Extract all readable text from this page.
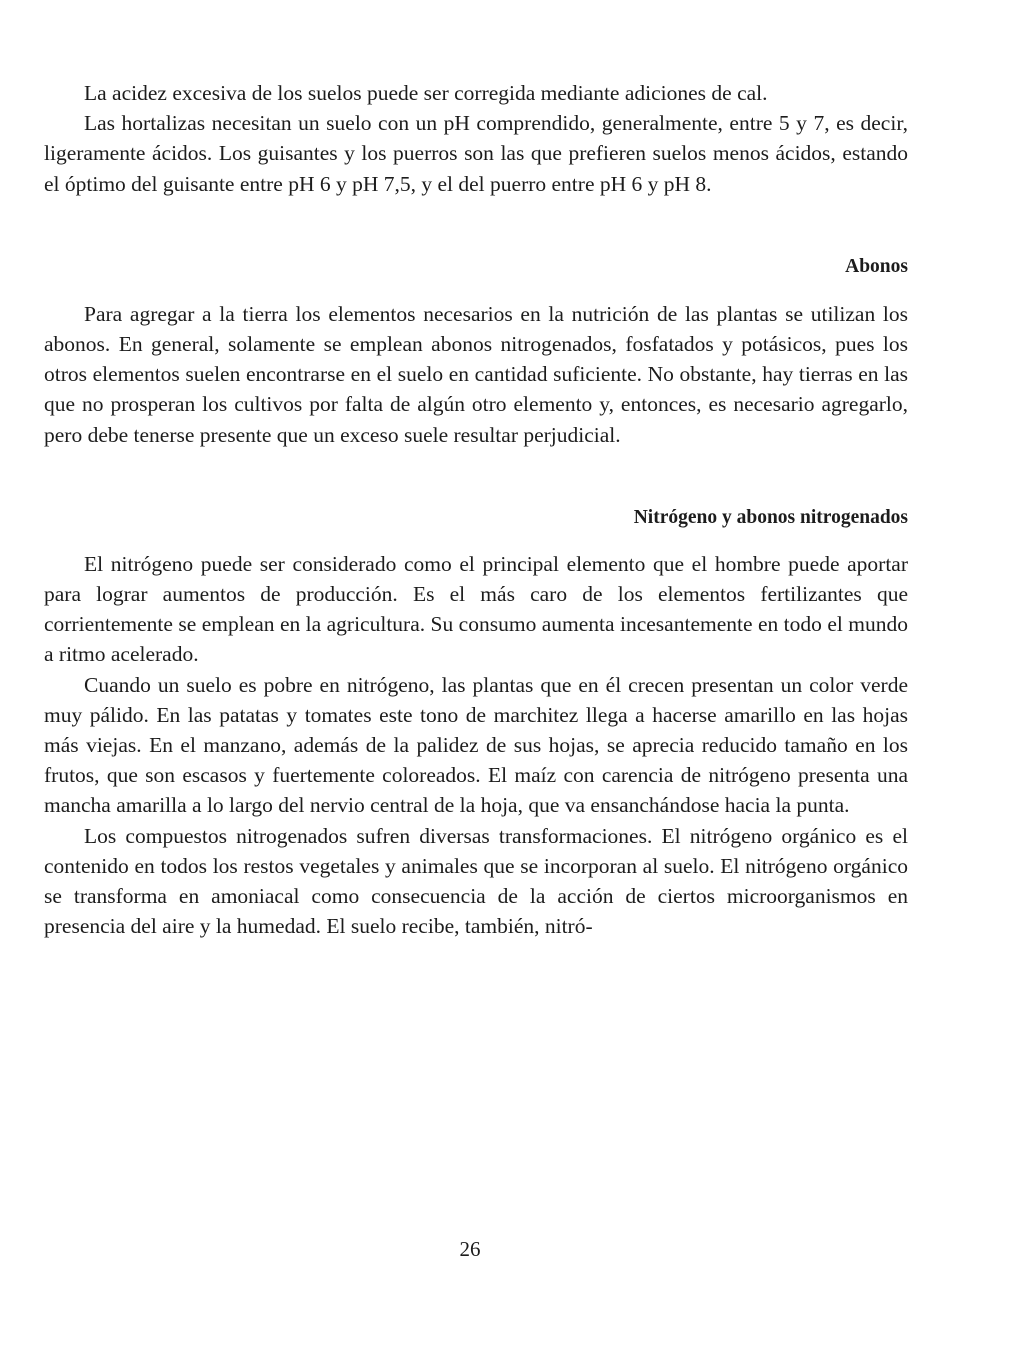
La acidez excesiva de los suelos puede ser corregida mediante adiciones de cal.

Las hortalizas necesitan un suelo con un pH comprendido, generalmente, entre 5 y 7, es decir, ligeramente ácidos. Los guisantes y los puerros son las que prefieren suelos menos ácidos, estando el óptimo del guisante entre pH 6 y pH 7,5, y el del puerro entre pH 6 y pH 8.

Abonos

Para agregar a la tierra los elementos necesarios en la nutrición de las plantas se utilizan los abonos. En general, solamente se emplean abonos nitrogenados, fosfatados y potásicos, pues los otros elementos suelen encontrarse en el suelo en cantidad suficiente. No obstante, hay tierras en las que no prosperan los cultivos por falta de algún otro elemento y, entonces, es necesario agregarlo, pero debe tenerse presente que un exceso suele resultar perjudicial.

Nitrógeno y abonos nitrogenados

El nitrógeno puede ser considerado como el principal elemento que el hombre puede aportar para lograr aumentos de producción. Es el más caro de los elementos fertilizantes que corrientemente se emplean en la agricultura. Su consumo aumenta incesantemente en todo el mundo a ritmo acelerado.

Cuando un suelo es pobre en nitrógeno, las plantas que en él crecen presentan un color verde muy pálido. En las patatas y tomates este tono de marchitez llega a hacerse amarillo en las hojas más viejas. En el manzano, además de la palidez de sus hojas, se aprecia reducido tamaño en los frutos, que son escasos y fuertemente coloreados. El maíz con carencia de nitrógeno presenta una mancha amarilla a lo largo del nervio central de la hoja, que va ensanchándose hacia la punta.

Los compuestos nitrogenados sufren diversas transformaciones. El nitrógeno orgánico es el contenido en todos los restos vegetales y animales que se incorporan al suelo. El nitrógeno orgánico se transforma en amoniacal como consecuencia de la acción de ciertos microorganismos en presencia del aire y la humedad. El suelo recibe, también, nitró-

26
